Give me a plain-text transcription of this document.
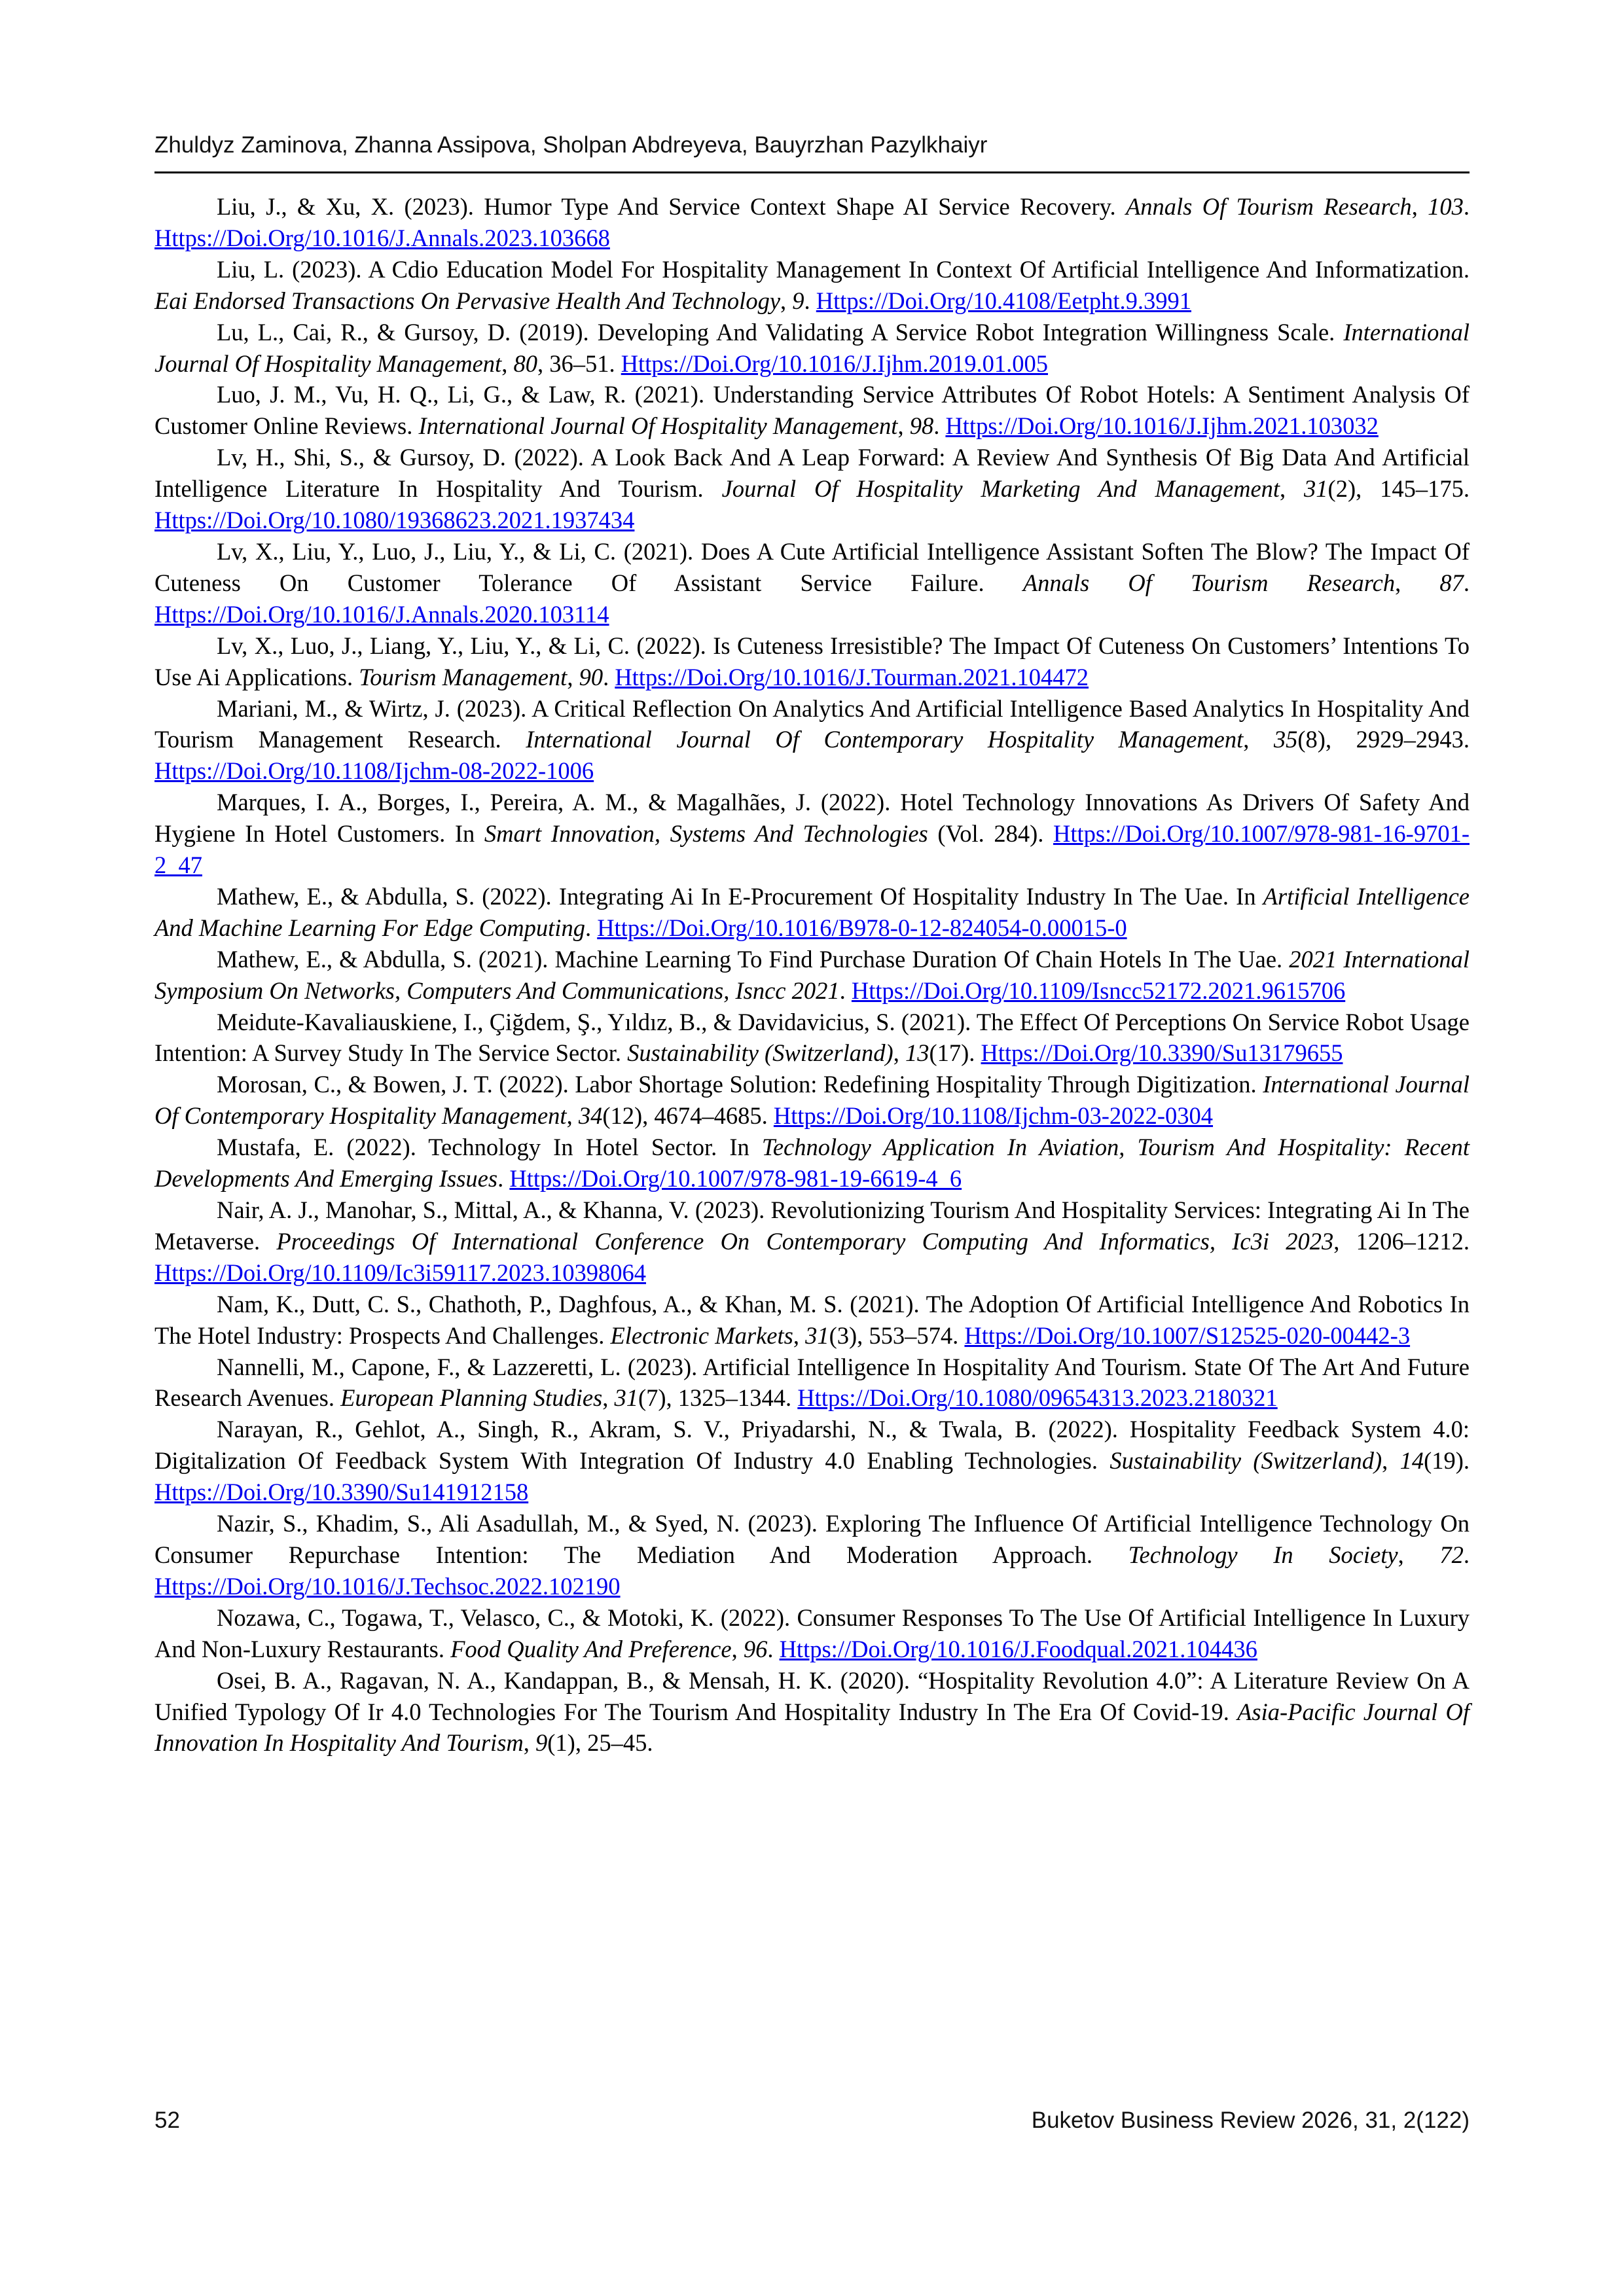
Zhuldyz Zaminova, Zhanna Assipova, Sholpan Abdreyeva, Bauyrzhan Pazylkhaiyr

Liu, J., & Xu, X. (2023). Humor Type And Service Context Shape AI Service Recovery. Annals Of Tourism Research, 103. Https://Doi.Org/10.1016/J.Annals.2023.103668

Liu, L. (2023). A Cdio Education Model For Hospitality Management In Context Of Artificial Intelligence And Informatization. Eai Endorsed Transactions On Pervasive Health And Technology, 9. Https://Doi.Org/10.4108/Eetpht.9.3991

Lu, L., Cai, R., & Gursoy, D. (2019). Developing And Validating A Service Robot Integration Willingness Scale. International Journal Of Hospitality Management, 80, 36–51. Https://Doi.Org/10.1016/J.Ijhm.2019.01.005

Luo, J. M., Vu, H. Q., Li, G., & Law, R. (2021). Understanding Service Attributes Of Robot Hotels: A Sentiment Analysis Of Customer Online Reviews. International Journal Of Hospitality Management, 98. Https://Doi.Org/10.1016/J.Ijhm.2021.103032

Lv, H., Shi, S., & Gursoy, D. (2022). A Look Back And A Leap Forward: A Review And Synthesis Of Big Data And Artificial Intelligence Literature In Hospitality And Tourism. Journal Of Hospitality Marketing And Management, 31(2), 145–175. Https://Doi.Org/10.1080/19368623.2021.1937434

Lv, X., Liu, Y., Luo, J., Liu, Y., & Li, C. (2021). Does A Cute Artificial Intelligence Assistant Soften The Blow? The Impact Of Cuteness On Customer Tolerance Of Assistant Service Failure. Annals Of Tourism Research, 87. Https://Doi.Org/10.1016/J.Annals.2020.103114

Lv, X., Luo, J., Liang, Y., Liu, Y., & Li, C. (2022). Is Cuteness Irresistible? The Impact Of Cuteness On Customers’ Intentions To Use Ai Applications. Tourism Management, 90. Https://Doi.Org/10.1016/J.Tourman.2021.104472

Mariani, M., & Wirtz, J. (2023). A Critical Reflection On Analytics And Artificial Intelligence Based Analytics In Hospitality And Tourism Management Research. International Journal Of Contemporary Hospitality Management, 35(8), 2929–2943. Https://Doi.Org/10.1108/Ijchm-08-2022-1006

Marques, I. A., Borges, I., Pereira, A. M., & Magalhães, J. (2022). Hotel Technology Innovations As Drivers Of Safety And Hygiene In Hotel Customers. In Smart Innovation, Systems And Technologies (Vol. 284). Https://Doi.Org/10.1007/978-981-16-9701-2_47

Mathew, E., & Abdulla, S. (2022). Integrating Ai In E-Procurement Of Hospitality Industry In The Uae. In Artificial Intelligence And Machine Learning For Edge Computing. Https://Doi.Org/10.1016/B978-0-12-824054-0.00015-0

Mathew, E., & Abdulla, S. (2021). Machine Learning To Find Purchase Duration Of Chain Hotels In The Uae. 2021 International Symposium On Networks, Computers And Communications, Isncc 2021. Https://Doi.Org/10.1109/Isncc52172.2021.9615706

Meidute-Kavaliauskiene, I., Çiğdem, Ş., Yıldız, B., & Davidavicius, S. (2021). The Effect Of Perceptions On Service Robot Usage Intention: A Survey Study In The Service Sector. Sustainability (Switzerland), 13(17). Https://Doi.Org/10.3390/Su13179655

Morosan, C., & Bowen, J. T. (2022). Labor Shortage Solution: Redefining Hospitality Through Digitization. International Journal Of Contemporary Hospitality Management, 34(12), 4674–4685. Https://Doi.Org/10.1108/Ijchm-03-2022-0304

Mustafa, E. (2022). Technology In Hotel Sector. In Technology Application In Aviation, Tourism And Hospitality: Recent Developments And Emerging Issues. Https://Doi.Org/10.1007/978-981-19-6619-4_6

Nair, A. J., Manohar, S., Mittal, A., & Khanna, V. (2023). Revolutionizing Tourism And Hospitality Services: Integrating Ai In The Metaverse. Proceedings Of International Conference On Contemporary Computing And Informatics, Ic3i 2023, 1206–1212. Https://Doi.Org/10.1109/Ic3i59117.2023.10398064

Nam, K., Dutt, C. S., Chathoth, P., Daghfous, A., & Khan, M. S. (2021). The Adoption Of Artificial Intelligence And Robotics In The Hotel Industry: Prospects And Challenges. Electronic Markets, 31(3), 553–574. Https://Doi.Org/10.1007/S12525-020-00442-3

Nannelli, M., Capone, F., & Lazzeretti, L. (2023). Artificial Intelligence In Hospitality And Tourism. State Of The Art And Future Research Avenues. European Planning Studies, 31(7), 1325–1344. Https://Doi.Org/10.1080/09654313.2023.2180321

Narayan, R., Gehlot, A., Singh, R., Akram, S. V., Priyadarshi, N., & Twala, B. (2022). Hospitality Feedback System 4.0: Digitalization Of Feedback System With Integration Of Industry 4.0 Enabling Technologies. Sustainability (Switzerland), 14(19). Https://Doi.Org/10.3390/Su141912158

Nazir, S., Khadim, S., Ali Asadullah, M., & Syed, N. (2023). Exploring The Influence Of Artificial Intelligence Technology On Consumer Repurchase Intention: The Mediation And Moderation Approach. Technology In Society, 72. Https://Doi.Org/10.1016/J.Techsoc.2022.102190

Nozawa, C., Togawa, T., Velasco, C., & Motoki, K. (2022). Consumer Responses To The Use Of Artificial Intelligence In Luxury And Non-Luxury Restaurants. Food Quality And Preference, 96. Https://Doi.Org/10.1016/J.Foodqual.2021.104436

Osei, B. A., Ragavan, N. A., Kandappan, B., & Mensah, H. K. (2020). “Hospitality Revolution 4.0”: A Literature Review On A Unified Typology Of Ir 4.0 Technologies For The Tourism And Hospitality Industry In The Era Of Covid-19. Asia-Pacific Journal Of Innovation In Hospitality And Tourism, 9(1), 25–45.

52	Buketov Business Review 2026, 31, 2(122)
